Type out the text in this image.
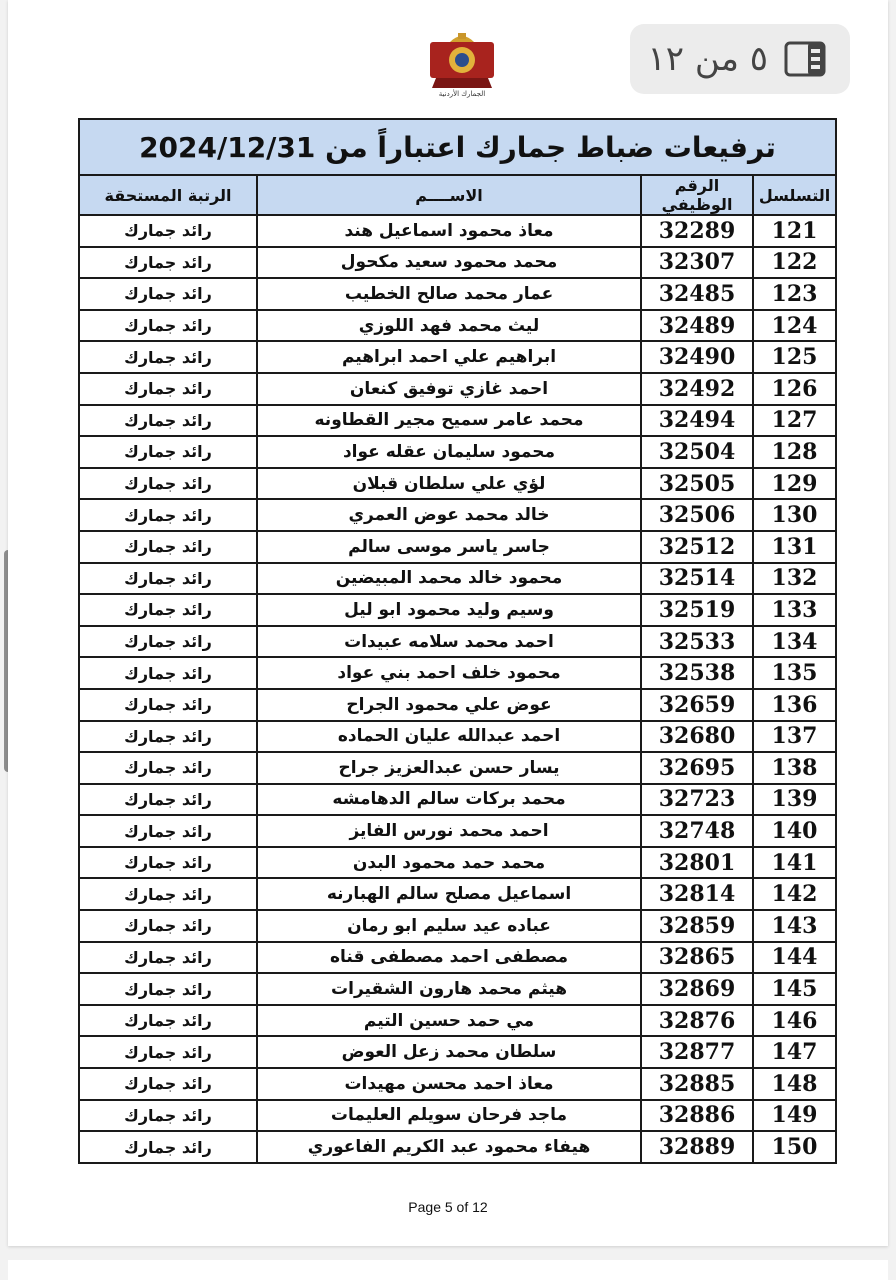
٥ من ١٢
الجمارك الأردنية
ترفيعات ضباط جمارك اعتباراً من 2024/12/31			
التسلسل	الرقم الوظيفي	الاســــم	الرتبة المستحقة
121	32289	معاذ محمود اسماعيل هند	رائد جمارك
122	32307	محمد محمود سعيد مكحول	رائد جمارك
123	32485	عمار محمد صالح الخطيب	رائد جمارك
124	32489	ليث محمد فهد اللوزي	رائد جمارك
125	32490	ابراهيم علي احمد ابراهيم	رائد جمارك
126	32492	احمد غازي توفيق كنعان	رائد جمارك
127	32494	محمد عامر سميح مجير القطاونه	رائد جمارك
128	32504	محمود سليمان عقله عواد	رائد جمارك
129	32505	لؤي علي سلطان قبلان	رائد جمارك
130	32506	خالد محمد عوض العمري	رائد جمارك
131	32512	جاسر ياسر موسى سالم	رائد جمارك
132	32514	محمود خالد محمد المبيضين	رائد جمارك
133	32519	وسيم وليد محمود ابو ليل	رائد جمارك
134	32533	احمد محمد سلامه عبيدات	رائد جمارك
135	32538	محمود خلف احمد بني عواد	رائد جمارك
136	32659	عوض علي محمود الجراح	رائد جمارك
137	32680	احمد عبدالله عليان الحماده	رائد جمارك
138	32695	يسار حسن عبدالعزيز جراح	رائد جمارك
139	32723	محمد بركات سالم الدهامشه	رائد جمارك
140	32748	احمد محمد نورس الفايز	رائد جمارك
141	32801	محمد حمد محمود البدن	رائد جمارك
142	32814	اسماعيل مصلح سالم الهبارنه	رائد جمارك
143	32859	عباده عيد سليم ابو رمان	رائد جمارك
144	32865	مصطفى احمد مصطفى قناه	رائد جمارك
145	32869	هيثم محمد هارون الشقيرات	رائد جمارك
146	32876	مي حمد حسين التيم	رائد جمارك
147	32877	سلطان محمد زعل العوض	رائد جمارك
148	32885	معاذ احمد محسن مهيدات	رائد جمارك
149	32886	ماجد فرحان سويلم العليمات	رائد جمارك
150	32889	هيفاء محمود عبد الكريم الفاعوري	رائد جمارك
Page 5 of 12
